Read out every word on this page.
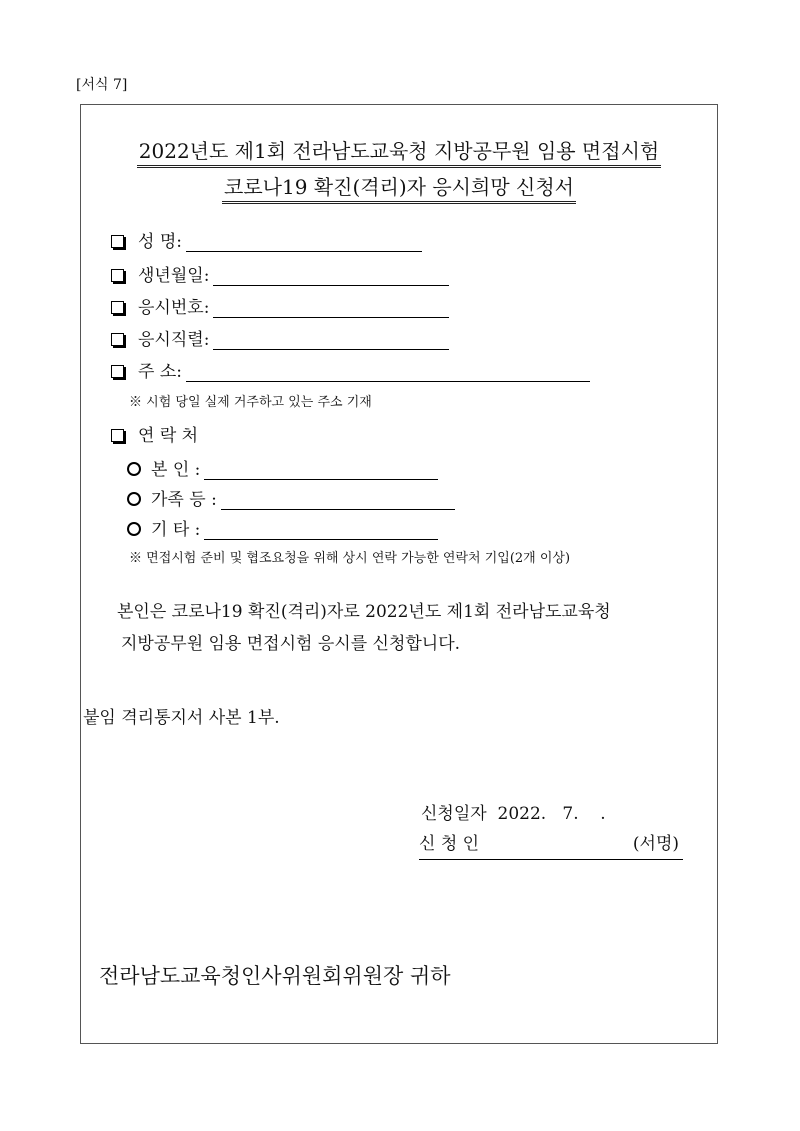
[서식 7]
2022년도 제1회 전라남도교육청 지방공무원 임용 면접시험
코로나19 확진(격리)자 응시희망 신청서
성 명:
생년월일:
응시번호:
응시직렬:
주 소:
※ 시험 당일 실제 거주하고 있는 주소 기재
연 락 처
본 인 :
가족 등 :
기 타 :
※ 면접시험 준비 및 협조요청을 위해 상시 연락 가능한 연락처 기입(2개 이상)
본인은 코로나19 확진(격리)자로 2022년도 제1회 전라남도교육청
지방공무원 임용 면접시험 응시를 신청합니다.
붙임 격리통지서 사본 1부.
신청일자 2022.   7.    .
신 청 인	(서명)
전라남도교육청인사위원회위원장 귀하
